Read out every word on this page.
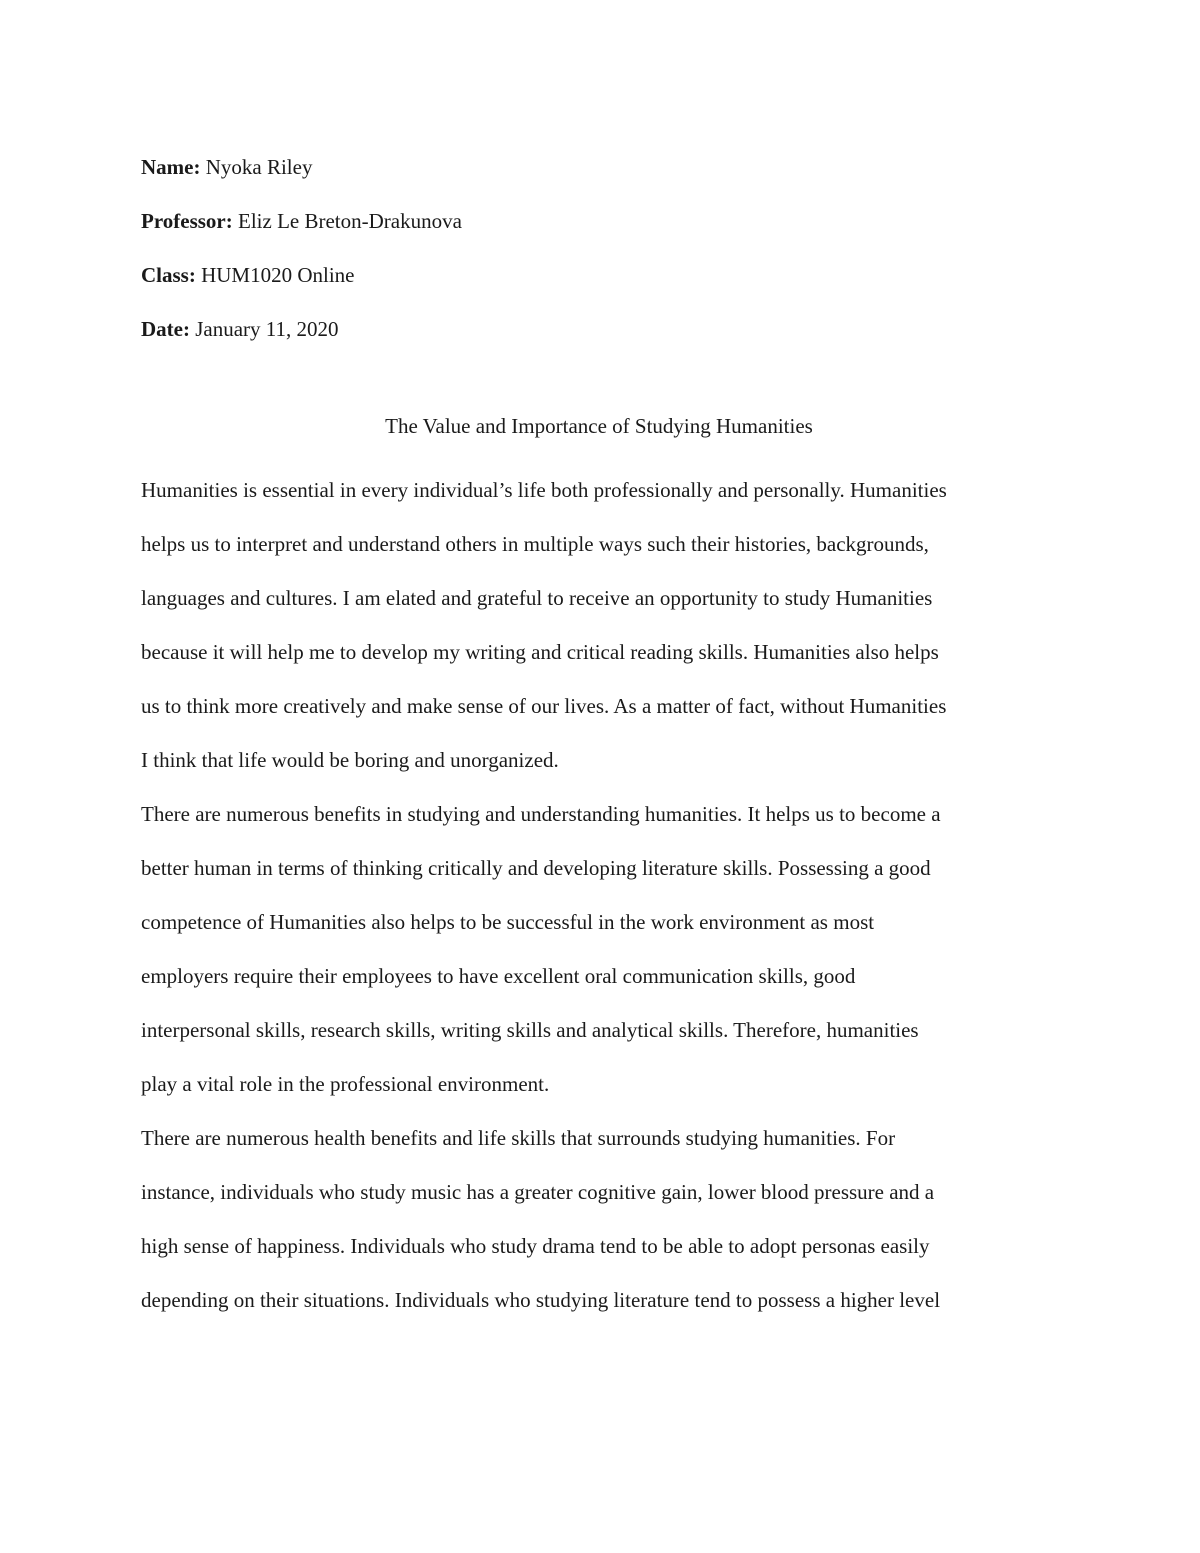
Name: Nyoka Riley
Professor: Eliz Le Breton-Drakunova
Class: HUM1020 Online
Date: January 11, 2020
The Value and Importance of Studying Humanities
Humanities is essential in every individual’s life both professionally and personally. Humanities
helps us to interpret and understand others in multiple ways such their histories, backgrounds,
languages and cultures. I am elated and grateful to receive an opportunity to study Humanities
because it will help me to develop my writing and critical reading skills. Humanities also helps
us to think more creatively and make sense of our lives. As a matter of fact, without Humanities
I think that life would be boring and unorganized.
There are numerous benefits in studying and understanding humanities. It helps us to become a
better human in terms of thinking critically and developing literature skills. Possessing a good
competence of Humanities also helps to be successful in the work environment as most
employers require their employees to have excellent oral communication skills, good
interpersonal skills, research skills, writing skills and analytical skills. Therefore, humanities
play a vital role in the professional environment.
There are numerous health benefits and life skills that surrounds studying humanities. For
instance, individuals who study music has a greater cognitive gain, lower blood pressure and a
high sense of happiness. Individuals who study drama tend to be able to adopt personas easily
depending on their situations. Individuals who studying literature tend to possess a higher level
